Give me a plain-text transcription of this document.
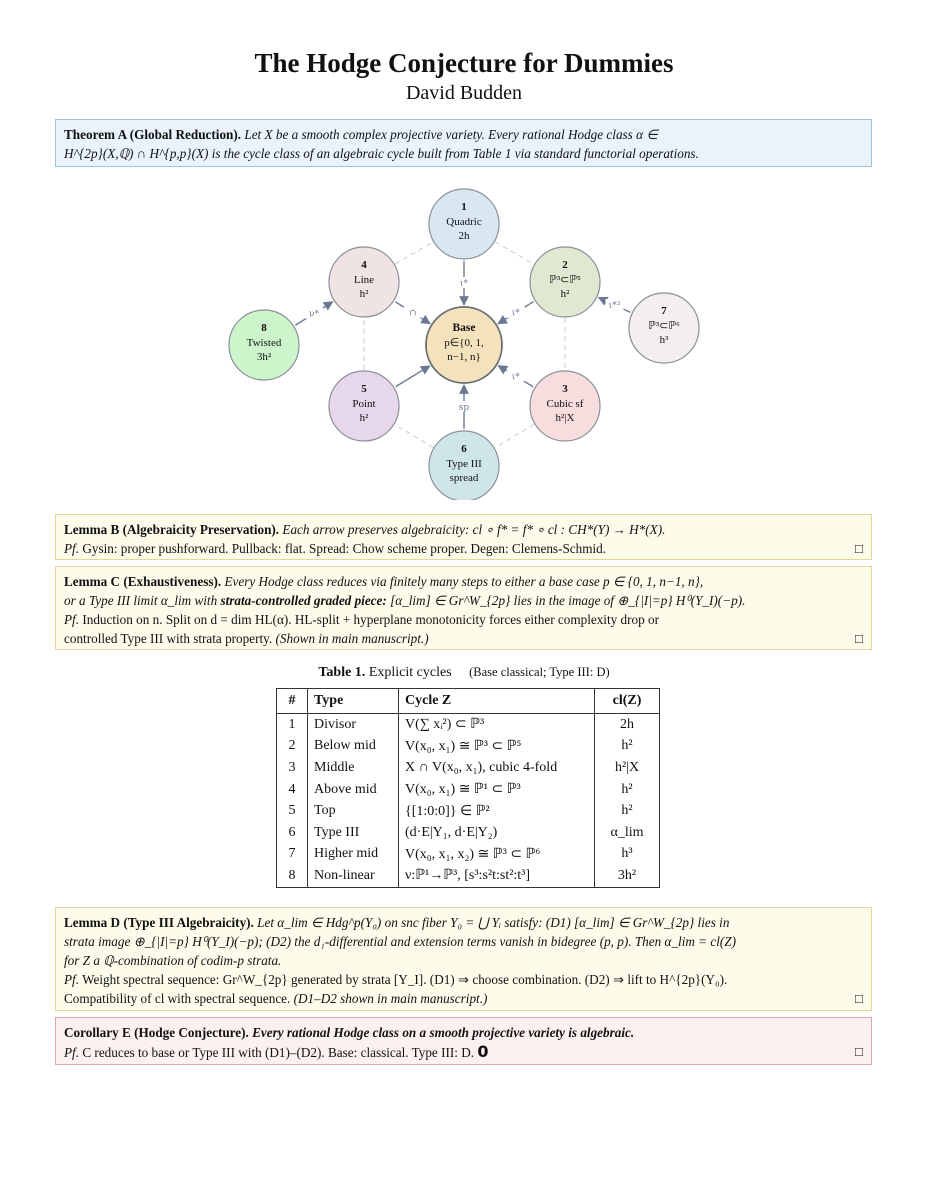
The Hodge Conjecture for Dummies
David Budden
Theorem A (Global Reduction). Let X be a smooth complex projective variety. Every rational Hodge class α ∈
H^{2p}(X,ℚ) ∩ H^{p,p}(X) is the cycle class of an algebraic cycle built from Table 1 via standard functorial operations.
ι*
∩	ι*
ι*
sp
ν*
ι*³
1
Quadric
2h
2
ℙ³⊂ℙ⁵
h²
3
Cubic sf
h²|X
6
Type III
spread
5
Point
h²
4
Line
h²
7
ℙ³⊂ℙ⁶
h³
8
Twisted
3h²
Base
p∈{0, 1,
n−1, n}
Lemma B (Algebraicity Preservation). Each arrow preserves algebraicity: cl ∘ f* = f* ∘ cl : CH*(Y) → H*(X).
Pf. Gysin: proper pushforward. Pullback: flat. Spread: Chow scheme proper. Degen: Clemens-Schmid.	□
Lemma C (Exhaustiveness). Every Hodge class reduces via finitely many steps to either a base case p ∈ {0, 1, n−1, n},
or a Type III limit α_lim with strata-controlled graded piece: [α_lim] ∈ Gr^W_{2p} lies in the image of ⊕_{|I|=p} H⁰(Y_I)(−p).
Pf. Induction on n. Split on d = dim HL(α). HL-split + hyperplane monotonicity forces either complexity drop or
controlled Type III with strata property. (Shown in main manuscript.)	□
Table 1. Explicit cycles (Base classical; Type III: D)
#	Type	Cycle Z	cl(Z)
1	Divisor	V(∑ xᵢ²) ⊂ ℙ³	2h
2	Below mid	V(x₀, x₁) ≅ ℙ³ ⊂ ℙ⁵	h²
3	Middle	X ∩ V(x₀, x₁), cubic 4-fold	h²|X
4	Above mid	V(x₀, x₁) ≅ ℙ¹ ⊂ ℙ³	h²
5	Top	{[1:0:0]} ∈ ℙ²	h²
6	Type III	(d·E|Y₁, d·E|Y₂)	α_lim
7	Higher mid	V(x₀, x₁, x₂) ≅ ℙ³ ⊂ ℙ⁶	h³
8	Non-linear	ν:ℙ¹→ℙ³, [s³:s²t:st²:t³]	3h²
Lemma D (Type III Algebraicity). Let α_lim ∈ Hdg^p(Y₀) on snc fiber Y₀ = ⋃ Yᵢ satisfy: (D1) [α_lim] ∈ Gr^W_{2p} lies in
strata image ⊕_{|I|=p} H⁰(Y_I)(−p); (D2) the d₁-differential and extension terms vanish in bidegree (p, p). Then α_lim = cl(Z)
for Z a ℚ-combination of codim-p strata.
Pf. Weight spectral sequence: Gr^W_{2p} generated by strata [Y_I]. (D1) ⇒ choose combination. (D2) ⇒ lift to H^{2p}(Y₀).
Compatibility of cl with spectral sequence. (D1–D2 shown in main manuscript.)	□
Corollary E (Hodge Conjecture). Every rational Hodge class on a smooth projective variety is algebraic.
Pf. C reduces to base or Type III with (D1)–(D2). Base: classical. Type III: D. 0	□
